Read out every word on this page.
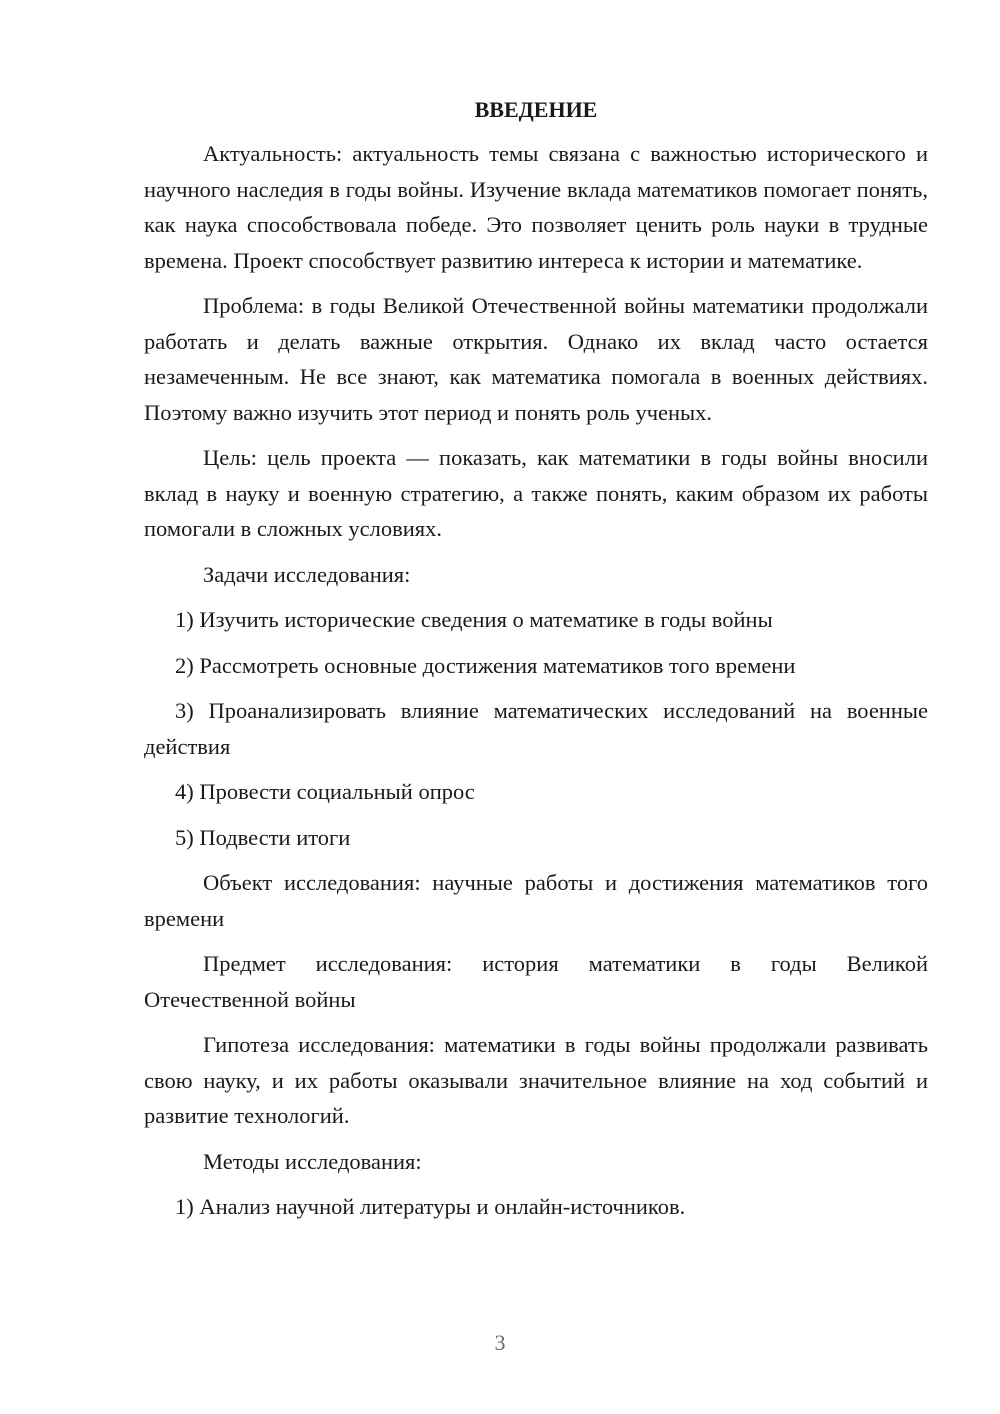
ВВЕДЕНИЕ

Актуальность: актуальность темы связана с важностью исторического и научного наследия в годы войны. Изучение вклада математиков помогает понять, как наука способствовала победе. Это позволяет ценить роль науки в трудные времена. Проект способствует развитию интереса к истории и математике.

Проблема: в годы Великой Отечественной войны математики продолжали работать и делать важные открытия. Однако их вклад часто остается незамеченным. Не все знают, как математика помогала в военных действиях. Поэтому важно изучить этот период и понять роль ученых.

Цель: цель проекта — показать, как математики в годы войны вносили вклад в науку и военную стратегию, а также понять, каким образом их работы помогали в сложных условиях.

Задачи исследования:

1) Изучить исторические сведения о математике в годы войны

2) Рассмотреть основные достижения математиков того времени

3) Проанализировать влияние математических исследований на военные действия

4) Провести социальный опрос

5) Подвести итоги

Объект исследования: научные работы и достижения математиков того времени

Предмет исследования: история математики в годы Великой Отечественной войны

Гипотеза исследования: математики в годы войны продолжали развивать свою науку, и их работы оказывали значительное влияние на ход событий и развитие технологий.

Методы исследования:

1) Анализ научной литературы и онлайн-источников.

3
